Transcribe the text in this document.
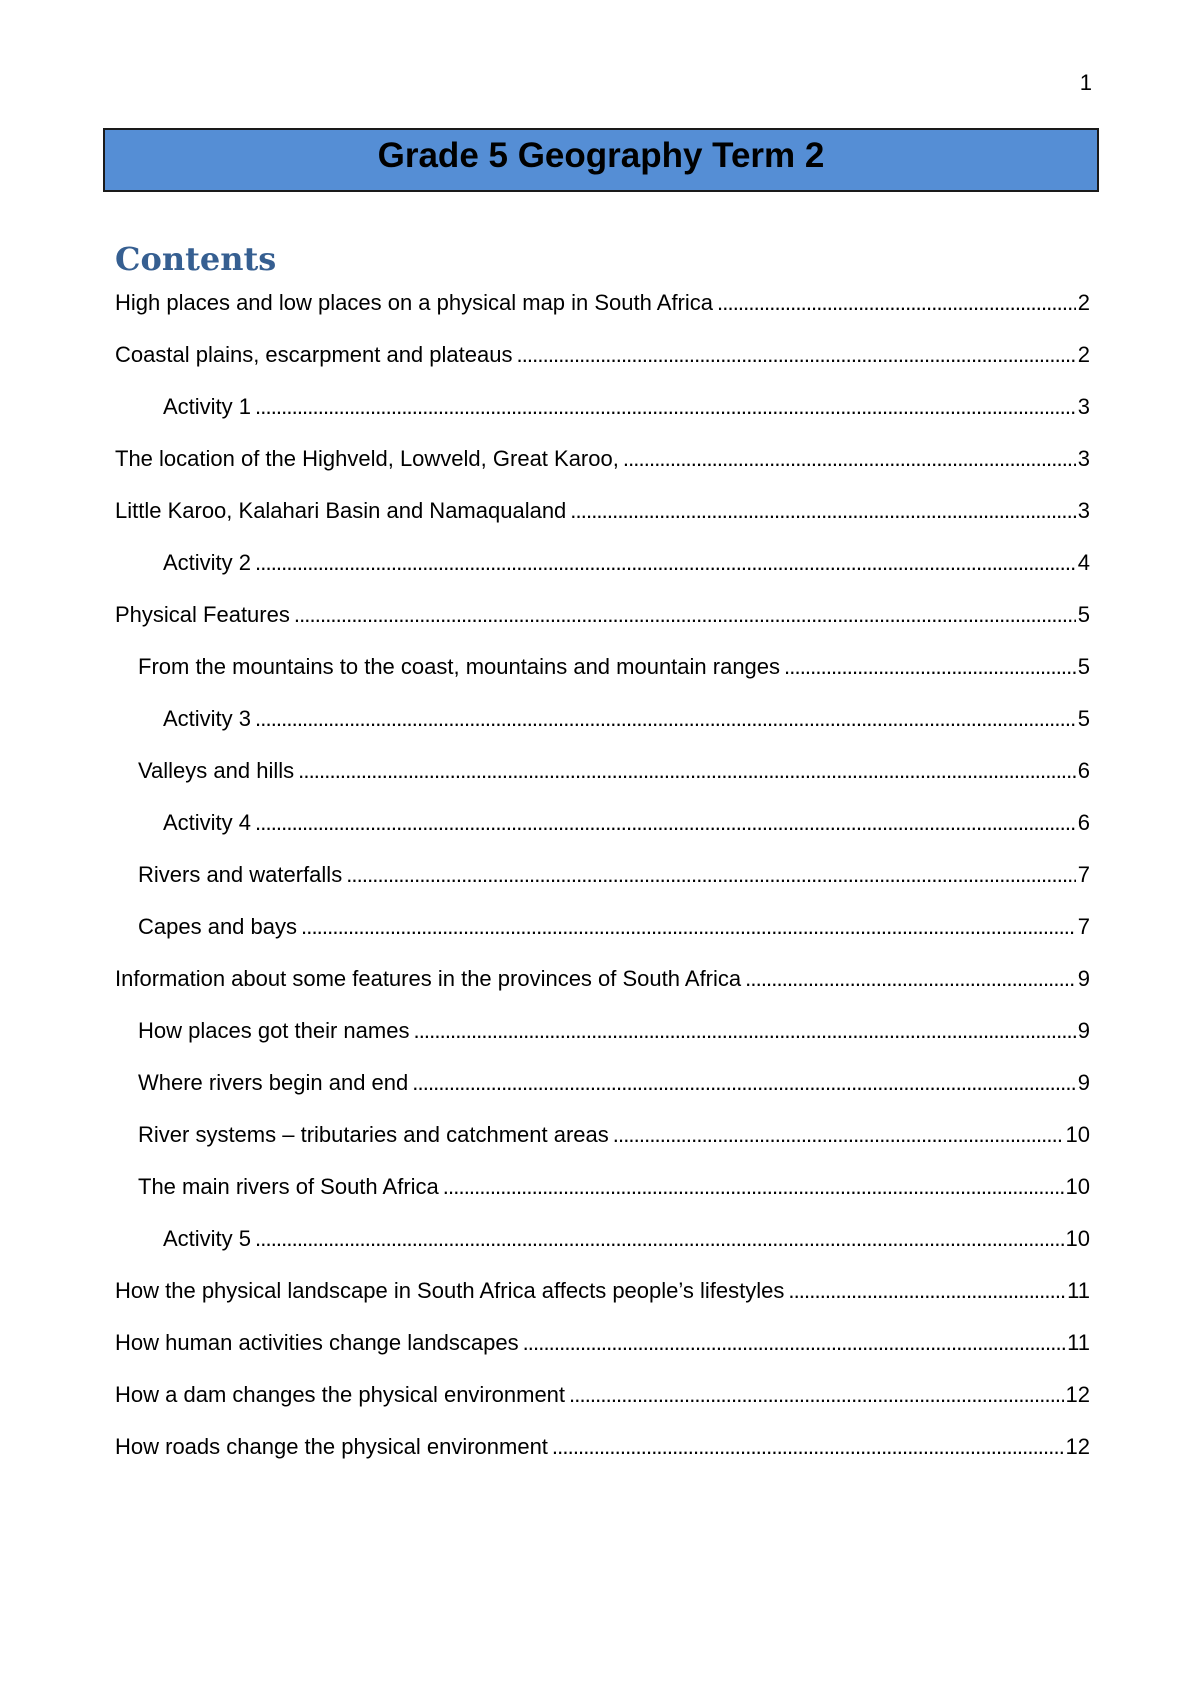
1
Grade 5 Geography Term 2
Contents
High places and low places on a physical map in South Africa . . .	2
Coastal plains, escarpment and plateaus . . .	2
Activity 1 . . .	3
The location of the Highveld, Lowveld, Great Karoo, . . .	3
Little Karoo, Kalahari Basin and Namaqualand . . .	3
Activity 2 . . .	4
Physical Features . . .	5
From the mountains to the coast, mountains and mountain ranges . . .	5
Activity 3 . . .	5
Valleys and hills . . .	6
Activity 4 . . .	6
Rivers and waterfalls . . .	7
Capes and bays . . .	7
Information about some features in the provinces of South Africa . . .	9
How places got their names . . .	9
Where rivers begin and end . . .	9
River systems – tributaries and catchment areas . . .	10
The main rivers of South Africa . . .	10
Activity 5 . . .	10
How the physical landscape in South Africa affects people’s lifestyles . . .	11
How human activities change landscapes . . .	11
How a dam changes the physical environment . . .	12
How roads change the physical environment . . .	12
